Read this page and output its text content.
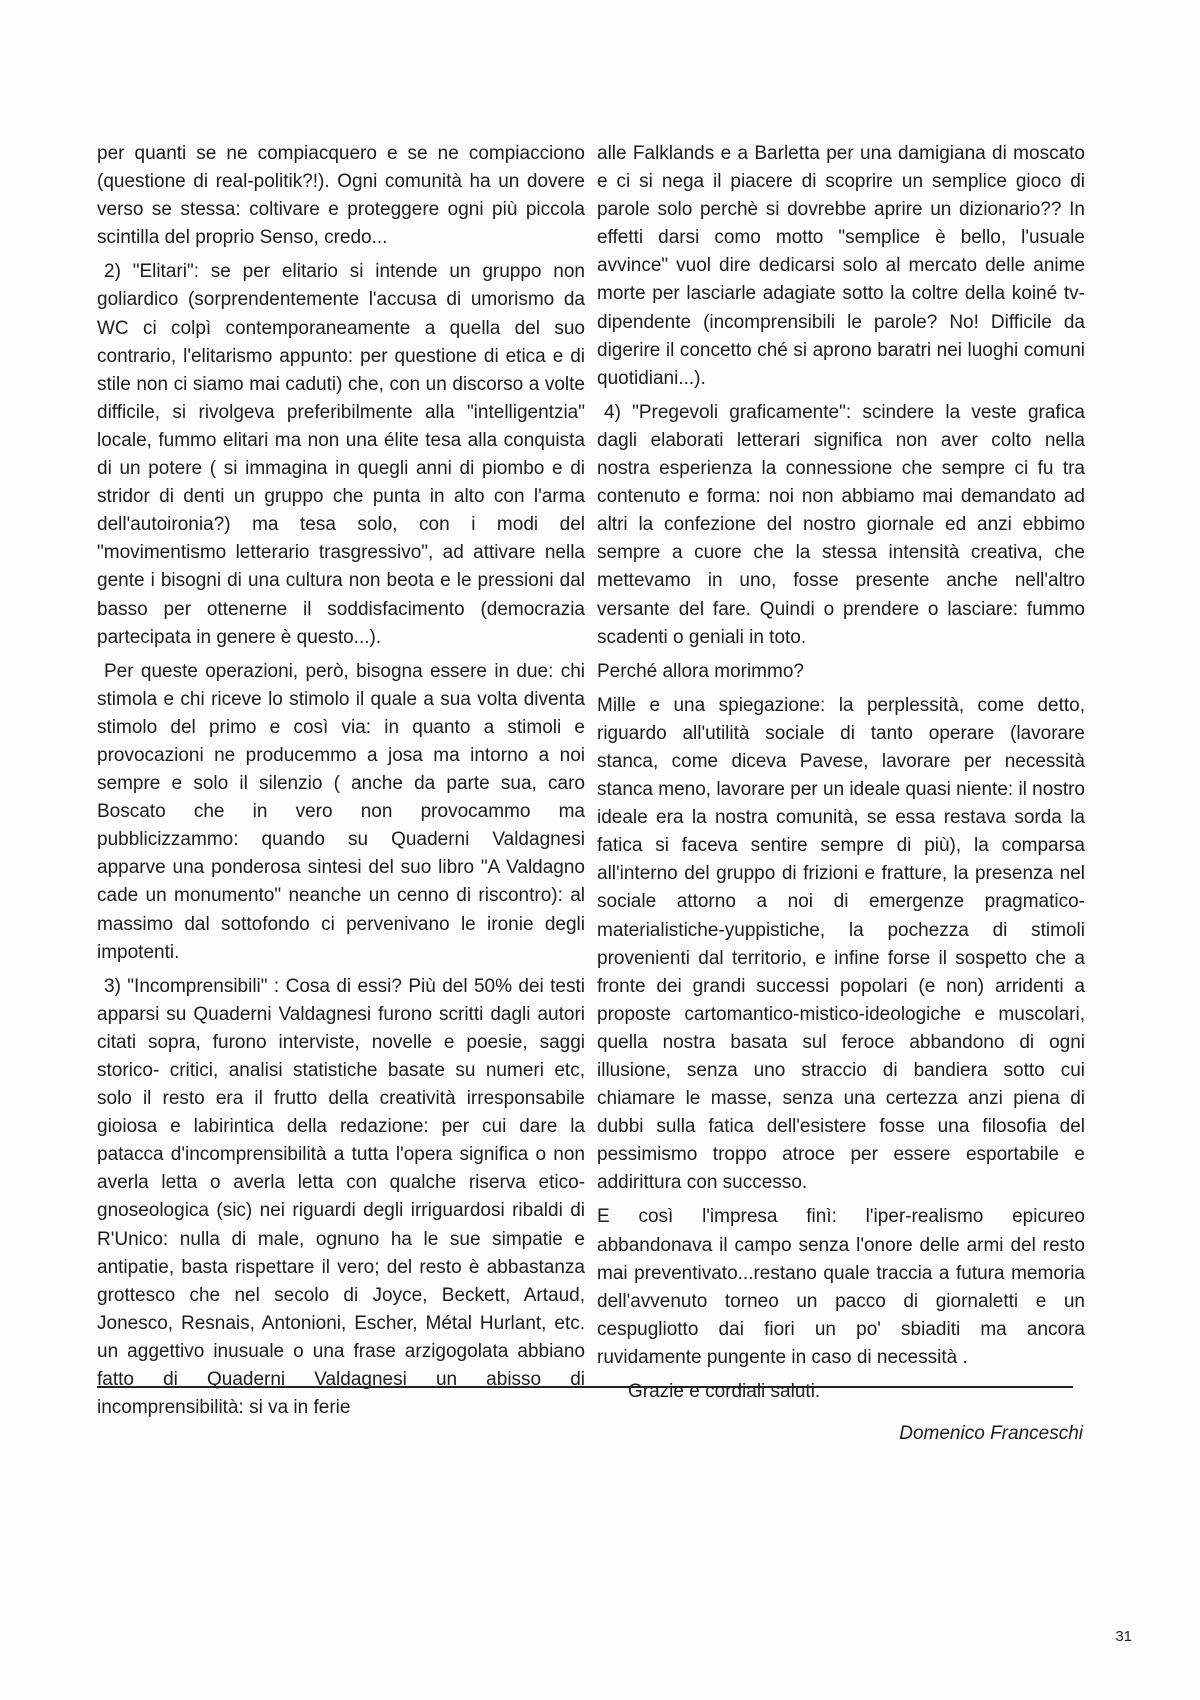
per quanti se ne compiacquero e se ne compiacciono (questione di real-politik?!). Ogni comunità ha un dovere verso se stessa: coltivare e proteggere ogni più piccola scintilla del proprio Senso, credo...

2) "Elitari": se per elitario si intende un gruppo non goliardico (sorprendentemente l'accusa di umorismo da WC ci colpì contemporaneamente a quella del suo contrario, l'elitarismo appunto: per questione di etica e di stile non ci siamo mai caduti) che, con un discorso a volte difficile, si rivolgeva preferibilmente alla "intelligentzia" locale, fummo elitari ma non una élite tesa alla conquista di un potere ( si immagina in quegli anni di piombo e di stridor di denti un gruppo che punta in alto con l'arma dell'autoironia?) ma tesa solo, con i modi del "movimentismo letterario trasgressivo", ad attivare nella gente i bisogni di una cultura non beota e le pressioni dal basso per ottenerne il soddisfacimento (democrazia partecipata in genere è questo...).

Per queste operazioni, però, bisogna essere in due: chi stimola e chi riceve lo stimolo il quale a sua volta diventa stimolo del primo e così via: in quanto a stimoli e provocazioni ne producemmo a josa ma intorno a noi sempre e solo il silenzio ( anche da parte sua, caro Boscato che in vero non provocammo ma pubblicizzammo: quando su Quaderni Valdagnesi apparve una ponderosa sintesi del suo libro "A Valdagno cade un monumento" neanche un cenno di riscontro): al massimo dal sottofondo ci pervenivano le ironie degli impotenti.

3) "Incomprensibili" : Cosa di essi? Più del 50% dei testi apparsi su Quaderni Valdagnesi furono scritti dagli autori citati sopra, furono interviste, novelle e poesie, saggi storico- critici, analisi statistiche basate su numeri etc, solo il resto era il frutto della creatività irresponsabile gioiosa e labirintica della redazione: per cui dare la patacca d'incomprensibilità a tutta l'opera significa o non averla letta o averla letta con qualche riserva etico-gnoseologica (sic) nei riguardi degli irriguardosi ribaldi di R'Unico: nulla di male, ognuno ha le sue simpatie e antipatie, basta rispettare il vero; del resto è abbastanza grottesco che nel secolo di Joyce, Beckett, Artaud, Jonesco, Resnais, Antonioni, Escher, Métal Hurlant, etc. un aggettivo inusuale o una frase arzigogolata abbiano fatto di Quaderni Valdagnesi un abisso di incomprensibilità: si va in ferie

alle Falklands e a Barletta per una damigiana di moscato e ci si nega il piacere di scoprire un semplice gioco di parole solo perchè si dovrebbe aprire un dizionario?? In effetti darsi como motto "semplice è bello, l'usuale avvince" vuol dire dedicarsi solo al mercato delle anime morte per lasciarle adagiate sotto la coltre della koiné tv-dipendente (incomprensibili le parole? No! Difficile da digerire il concetto ché si aprono baratri nei luoghi comuni quotidiani...).

4) "Pregevoli graficamente": scindere la veste grafica dagli elaborati letterari significa non aver colto nella nostra esperienza la connessione che sempre ci fu tra contenuto e forma: noi non abbiamo mai demandato ad altri la confezione del nostro giornale ed anzi ebbimo sempre a cuore che la stessa intensità creativa, che mettevamo in uno, fosse presente anche nell'altro versante del fare. Quindi o prendere o lasciare: fummo scadenti o geniali in toto.

Perché allora morimmo?

Mille e una spiegazione: la perplessità, come detto, riguardo all'utilità sociale di tanto operare (lavorare stanca, come diceva Pavese, lavorare per necessità stanca meno, lavorare per un ideale quasi niente: il nostro ideale era la nostra comunità, se essa restava sorda la fatica si faceva sentire sempre di più), la comparsa all'interno del gruppo di frizioni e fratture, la presenza nel sociale attorno a noi di emergenze pragmatico-materialistiche-yuppistiche, la pochezza di stimoli provenienti dal territorio, e infine forse il sospetto che a fronte dei grandi successi popolari (e non) arridenti a proposte cartomantico-mistico-ideologiche e muscolari, quella nostra basata sul feroce abbandono di ogni illusione, senza uno straccio di bandiera sotto cui chiamare le masse, senza una certezza anzi piena di dubbi sulla fatica dell'esistere fosse una filosofia del pessimismo troppo atroce per essere esportabile e addirittura con successo.

E così l'impresa finì: l'iper-realismo epicureo abbandonava il campo senza l'onore delle armi del resto mai preventivato...restano quale traccia a futura memoria dell'avvenuto torneo un pacco di giornaletti e un cespugliotto dai fiori un po' sbiaditi ma ancora ruvidamente pungente in caso di necessità .

Grazie e cordiali saluti.

Domenico Franceschi

31
